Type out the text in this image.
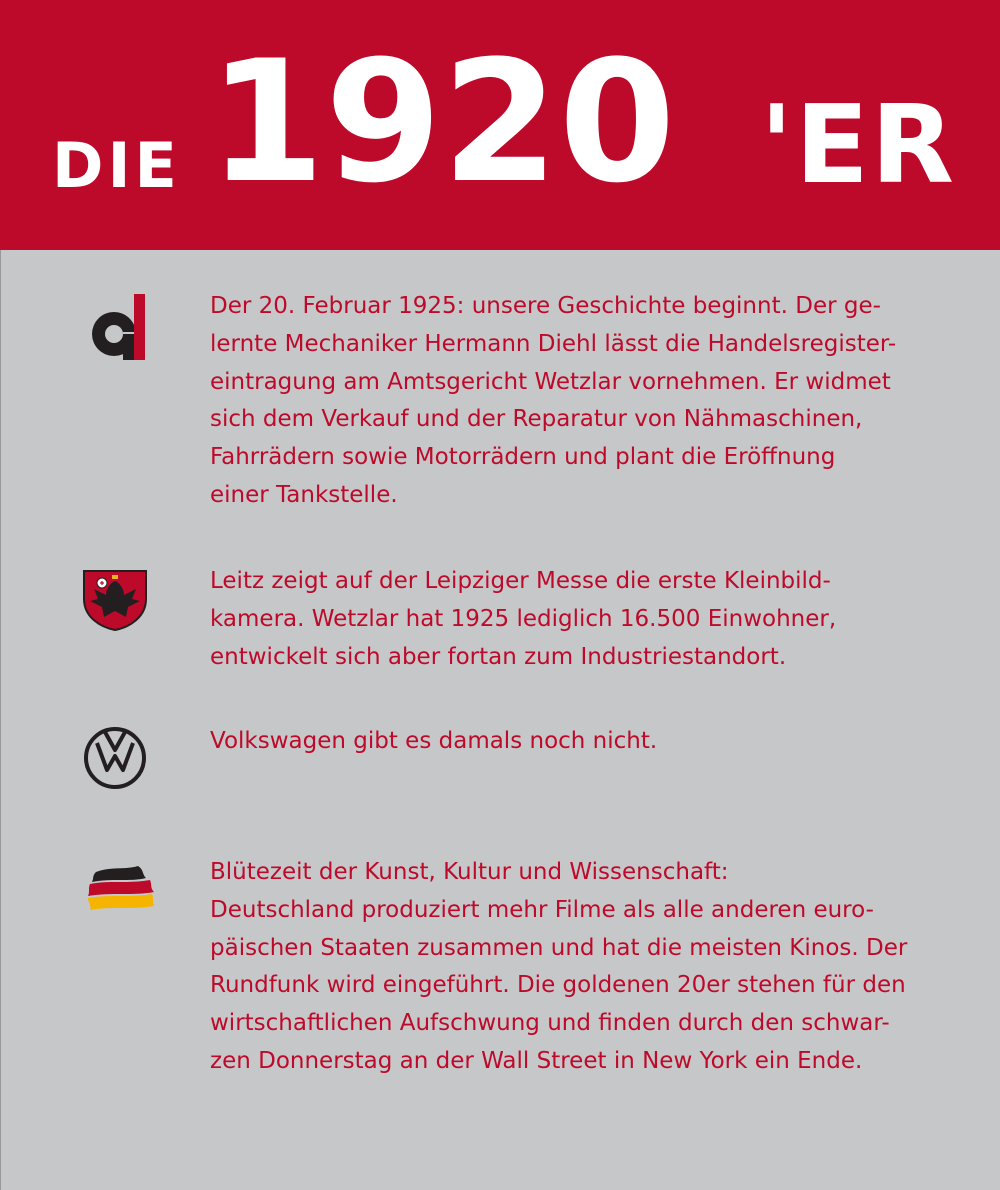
DIE 1920 'ER
Der 20. Februar 1925: unsere Geschichte beginnt. Der ge-
lernte Mechaniker Hermann Diehl lässt die Handelsregister-
eintragung am Amtsgericht Wetzlar vornehmen. Er widmet
sich dem Verkauf und der Reparatur von Nähmaschinen,
Fahrrädern sowie Motorrädern und plant die Eröffnung
einer Tankstelle.
Leitz zeigt auf der Leipziger Messe die erste Kleinbild-
kamera. Wetzlar hat 1925 lediglich 16.500 Einwohner,
entwickelt sich aber fortan zum Industriestandort.
Volkswagen gibt es damals noch nicht.
Blütezeit der Kunst, Kultur und Wissenschaft:
Deutschland produziert mehr Filme als alle anderen euro-
päischen Staaten zusammen und hat die meisten Kinos. Der
Rundfunk wird eingeführt. Die goldenen 20er stehen für den
wirtschaftlichen Aufschwung und finden durch den schwar-
zen Donnerstag an der Wall Street in New York ein Ende.
